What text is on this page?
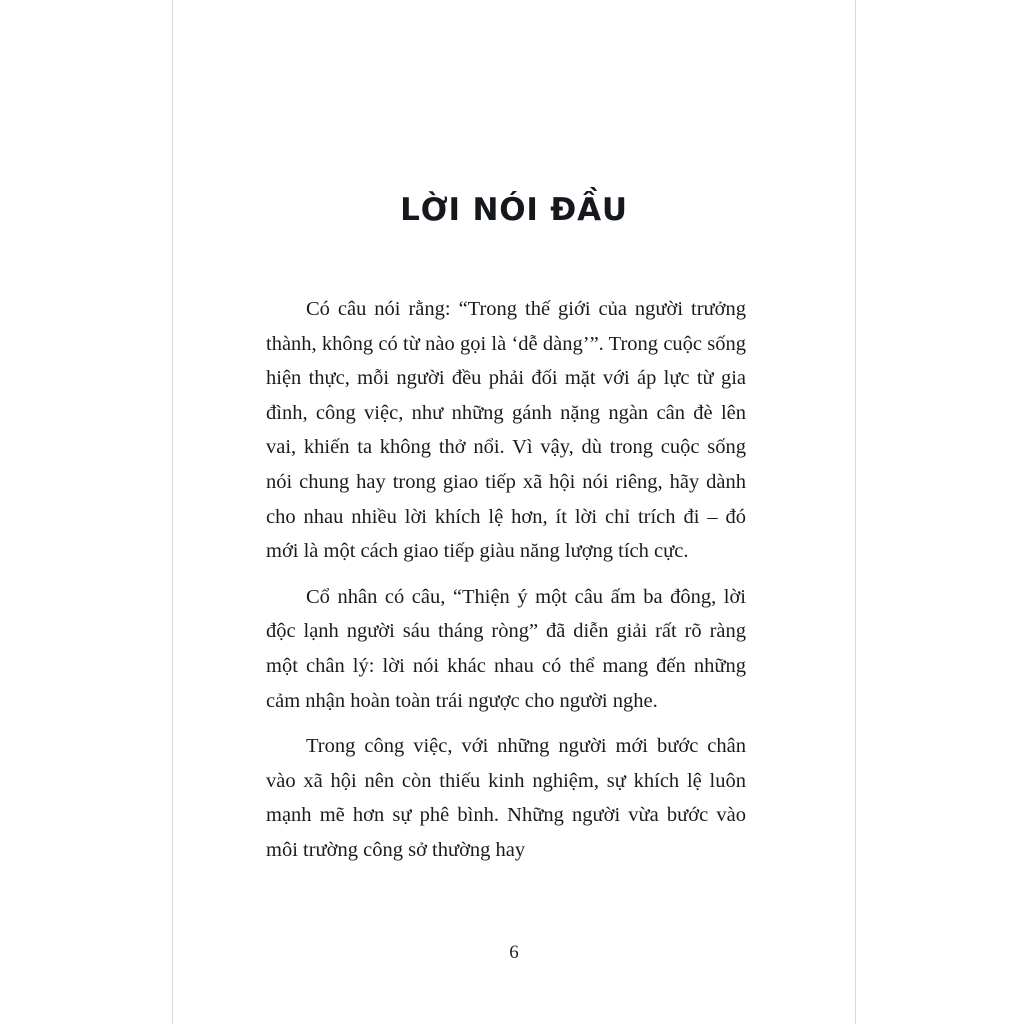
LỜI NÓI ĐẦU

Có câu nói rằng: “Trong thế giới của người trưởng thành, không có từ nào gọi là ‘dễ dàng’”. Trong cuộc sống hiện thực, mỗi người đều phải đối mặt với áp lực từ gia đình, công việc, như những gánh nặng ngàn cân đè lên vai, khiến ta không thở nổi. Vì vậy, dù trong cuộc sống nói chung hay trong giao tiếp xã hội nói riêng, hãy dành cho nhau nhiều lời khích lệ hơn, ít lời chỉ trích đi – đó mới là một cách giao tiếp giàu năng lượng tích cực.

Cổ nhân có câu, “Thiện ý một câu ấm ba đông, lời độc lạnh người sáu tháng ròng” đã diễn giải rất rõ ràng một chân lý: lời nói khác nhau có thể mang đến những cảm nhận hoàn toàn trái ngược cho người nghe.

Trong công việc, với những người mới bước chân vào xã hội nên còn thiếu kinh nghiệm, sự khích lệ luôn mạnh mẽ hơn sự phê bình. Những người vừa bước vào môi trường công sở thường hay

6
